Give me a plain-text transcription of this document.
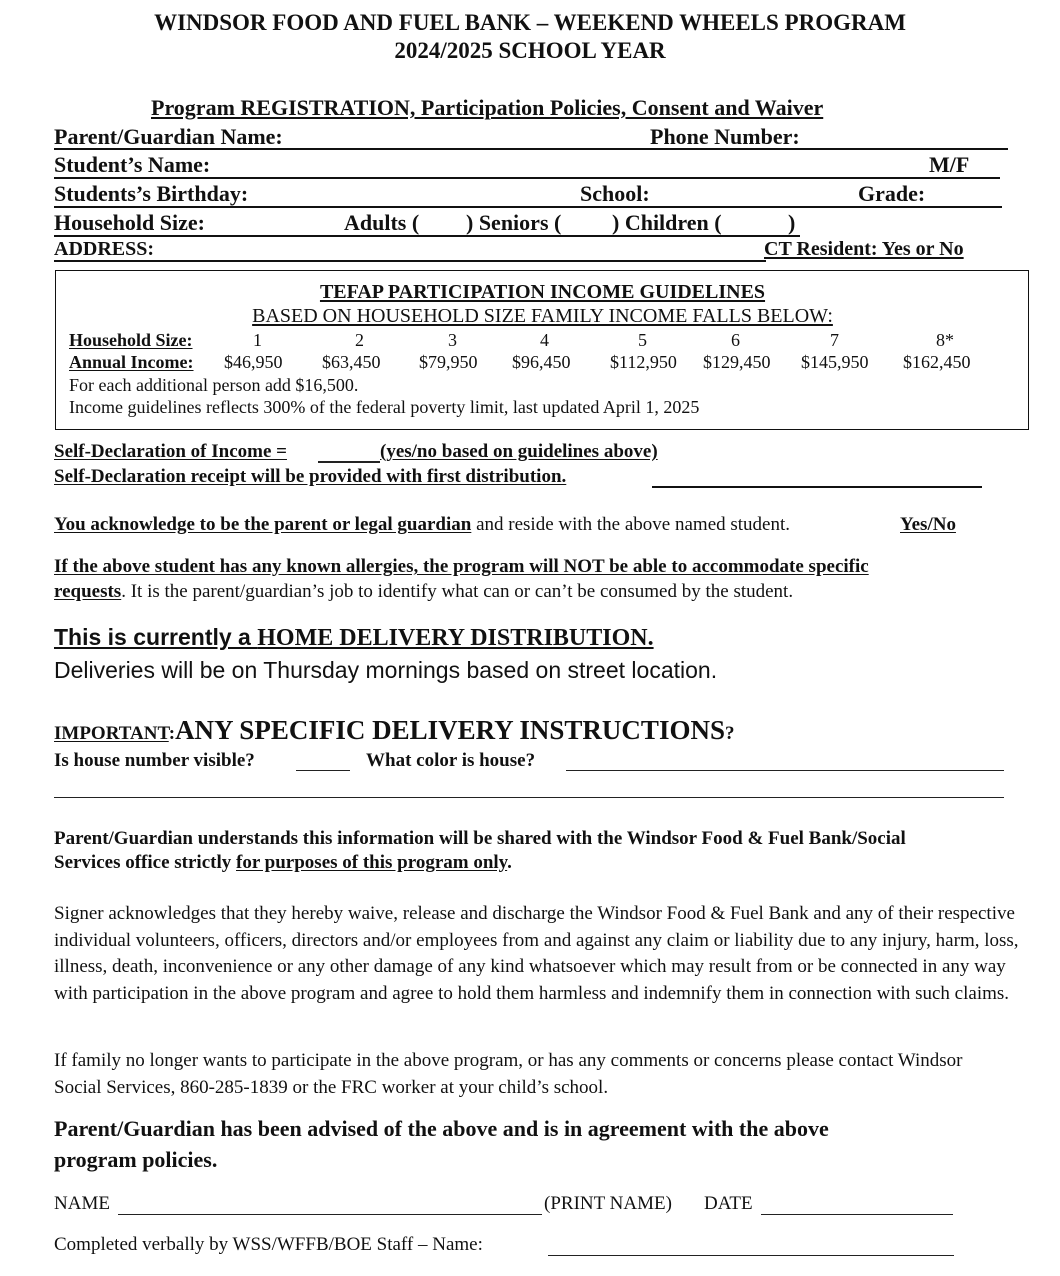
WINDSOR FOOD AND FUEL BANK – WEEKEND WHEELS PROGRAM
2024/2025 SCHOOL YEAR
Program REGISTRATION, Participation Policies, Consent and Waiver
Parent/Guardian Name:	Phone Number:
Student’s Name:	M/F
Students’s Birthday:	School:	Grade:
Household Size:	Adults ( ) Seniors ( ) Children (	)
ADDRESS:	CT Resident: Yes or No
TEFAP PARTICIPATION INCOME GUIDELINES
BASED ON HOUSEHOLD SIZE FAMILY INCOME FALLS BELOW:
Household Size:	1	2	3	4	5	6	7	8*
Annual Income: $46,950 $63,450 $79,950 $96,450 $112,950 $129,450 $145,950 $162,450
For each additional person add $16,500.
Income guidelines reflects 300% of the federal poverty limit, last updated April 1, 2025
Self-Declaration of Income =	(yes/no based on guidelines above)
Self-Declaration receipt will be provided with first distribution.
You acknowledge to be the parent or legal guardian and reside with the above named student.	Yes/No
If the above student has any known allergies, the program will NOT be able to accommodate specific
requests. It is the parent/guardian’s job to identify what can or can’t be consumed by the student.
This is currently a HOME DELIVERY DISTRIBUTION.
Deliveries will be on Thursday mornings based on street location.
IMPORTANT:ANY SPECIFIC DELIVERY INSTRUCTIONS?
Is house number visible?	What color is house?
Parent/Guardian understands this information will be shared with the Windsor Food & Fuel Bank/Social
Services office strictly for purposes of this program only.
Signer acknowledges that they hereby waive, release and discharge the Windsor Food & Fuel Bank and any of their respective individual volunteers, officers, directors and/or employees from and against any claim or liability due to any injury, harm, loss, illness, death, inconvenience or any other damage of any kind whatsoever which may result from or be connected in any way with participation in the above program and agree to hold them harmless and indemnify them in connection with such claims.
If family no longer wants to participate in the above program, or has any comments or concerns please contact Windsor Social Services, 860-285-1839 or the FRC worker at your child’s school.
Parent/Guardian has been advised of the above and is in agreement with the above
program policies.
NAME	(PRINT NAME) DATE
Completed verbally by WSS/WFFB/BOE Staff – Name:
